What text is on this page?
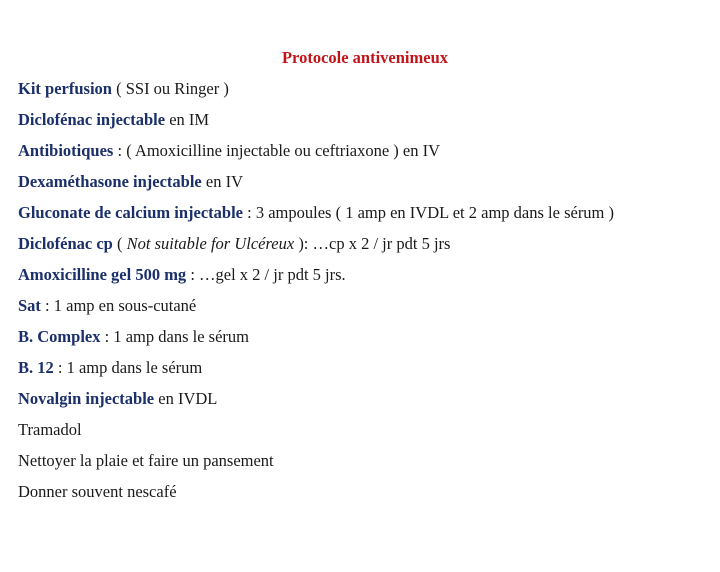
Protocole antivenimeux
Kit perfusion ( SSI ou Ringer )
Diclofénac injectable en IM
Antibiotiques : ( Amoxicilline injectable ou ceftriaxone ) en IV
Dexaméthasone injectable en IV
Gluconate de calcium injectable : 3 ampoules ( 1 amp en IVDL et 2 amp dans le sérum )
Diclofénac cp ( Not suitable for Ulcéreux ): …cp x 2 / jr pdt 5 jrs
Amoxicilline gel 500 mg : …gel x 2 / jr pdt 5 jrs.
Sat : 1 amp en sous-cutané
B. Complex : 1 amp dans le sérum
B. 12 : 1 amp dans le sérum
Novalgin injectable en IVDL
Tramadol
Nettoyer la plaie et faire un pansement
Donner souvent nescafé
